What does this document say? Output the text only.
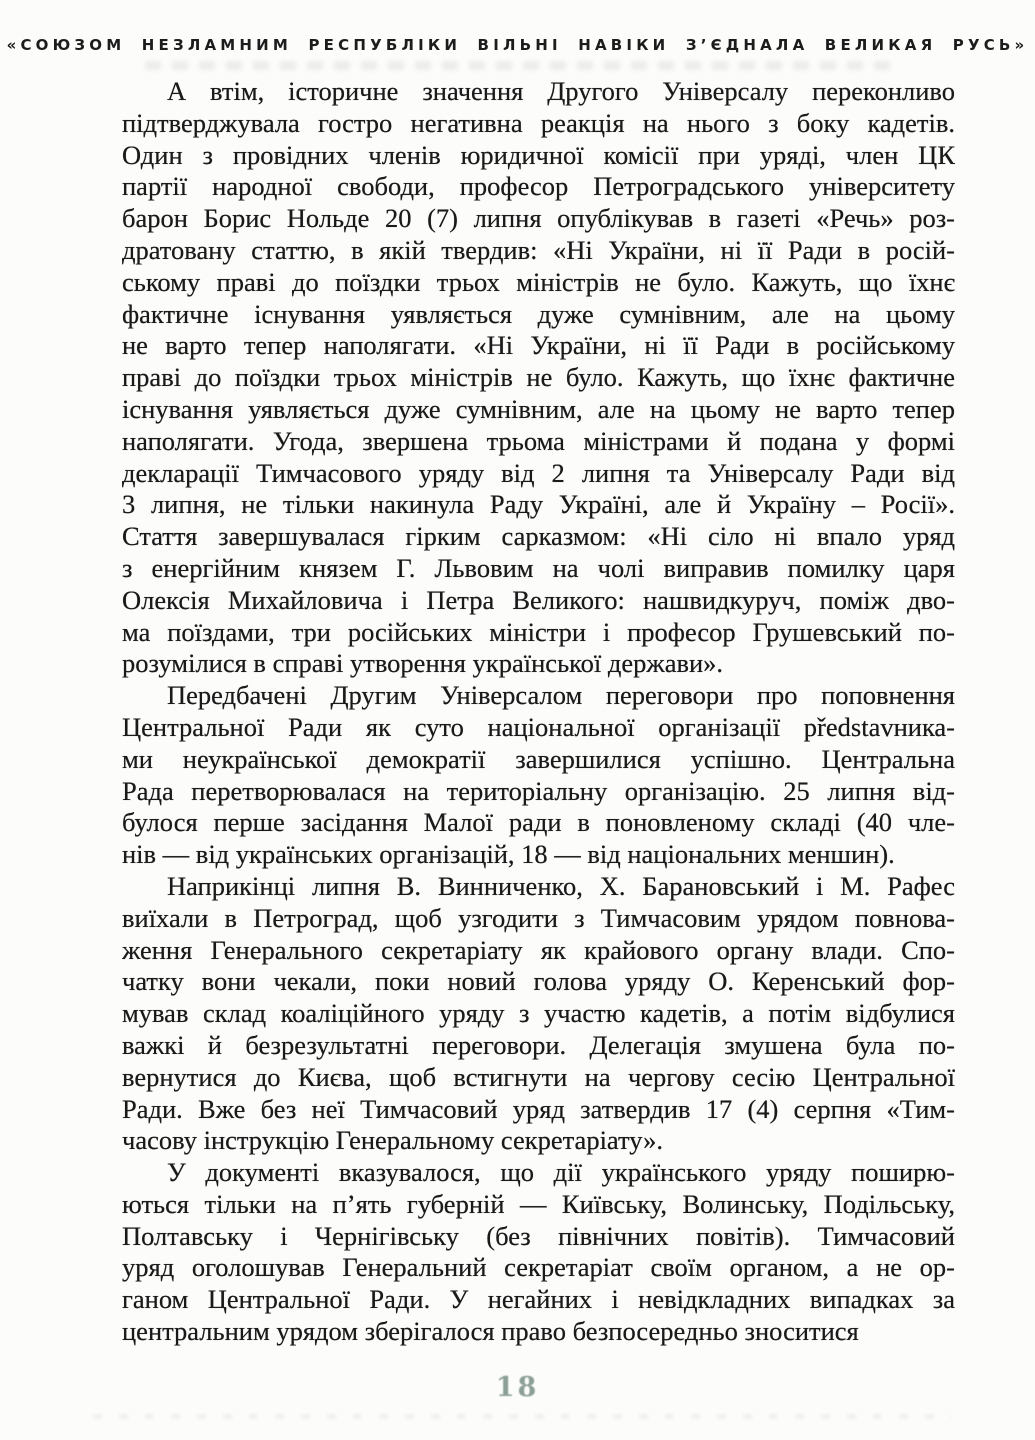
«СОЮЗОМ НЕЗЛАМНИМ РЕСПУБЛІКИ ВІЛЬНІ НАВІКИ З’ЄДНАЛА ВЕЛИКАЯ РУСЬ»
А втім, історичне значення Другого Універсалу переконливо
підтверджувала гостро негативна реакція на нього з боку кадетів.
Один з провідних членів юридичної комісії при уряді, член ЦК
партії народної свободи, професор Петроградського університету
барон Борис Нольде 20 (7) липня опублікував в газеті «Речь» роз-
дратовану статтю, в якій твердив: «Ні України, ні її Ради в росій-
ському праві до поїздки трьох міністрів не було. Кажуть, що їхнє
фактичне існування уявляється дуже сумнівним, але на цьому
не варто тепер наполягати. «Ні України, ні її Ради в російському
праві до поїздки трьох міністрів не було. Кажуть, що їхнє фактичне
існування уявляється дуже сумнівним, але на цьому не варто тепер
наполягати. Угода, звершена трьома міністрами й подана у формі
декларації Тимчасового уряду від 2 липня та Універсалу Ради від
3 липня, не тільки накинула Раду Україні, але й Україну – Росії».
Стаття завершувалася гірким сарказмом: «Ні сіло ні впало уряд
з енергійним князем Г. Львовим на чолі виправив помилку царя
Олексія Михайловича і Петра Великого: нашвидкуруч, поміж дво-
ма поїздами, три російських міністри і професор Грушевський по-
розумілися в справі утворення української держави».
Передбачені Другим Універсалом переговори про поповнення
Центральної Ради як суто національної організації představника-
ми неукраїнської демократії завершилися успішно. Центральна
Рада перетворювалася на територіальну організацію. 25 липня від-
булося перше засідання Малої ради в поновленому складі (40 чле-
нів — від українських організацій, 18 — від національних меншин).
Наприкінці липня В. Винниченко, Х. Барановський і М. Рафес
виїхали в Петроград, щоб узгодити з Тимчасовим урядом повнова-
ження Генерального секретаріату як крайового органу влади. Спо-
чатку вони чекали, поки новий голова уряду О. Керенський фор-
мував склад коаліційного уряду з участю кадетів, а потім відбулися
важкі й безрезультатні переговори. Делегація змушена була по-
вернутися до Києва, щоб встигнути на чергову сесію Центральної
Ради. Вже без неї Тимчасовий уряд затвердив 17 (4) серпня «Тим-
часову інструкцію Генеральному секретаріату».
У документі вказувалося, що дії українського уряду поширю-
ються тільки на п’ять губерній — Київську, Волинську, Подільську,
Полтавську і Чернігівську (без північних повітів). Тимчасовий
уряд оголошував Генеральний секретаріат своїм органом, а не ор-
ганом Центральної Ради. У негайних і невідкладних випадках за
центральним урядом зберігалося право безпосередньо зноситися
18
